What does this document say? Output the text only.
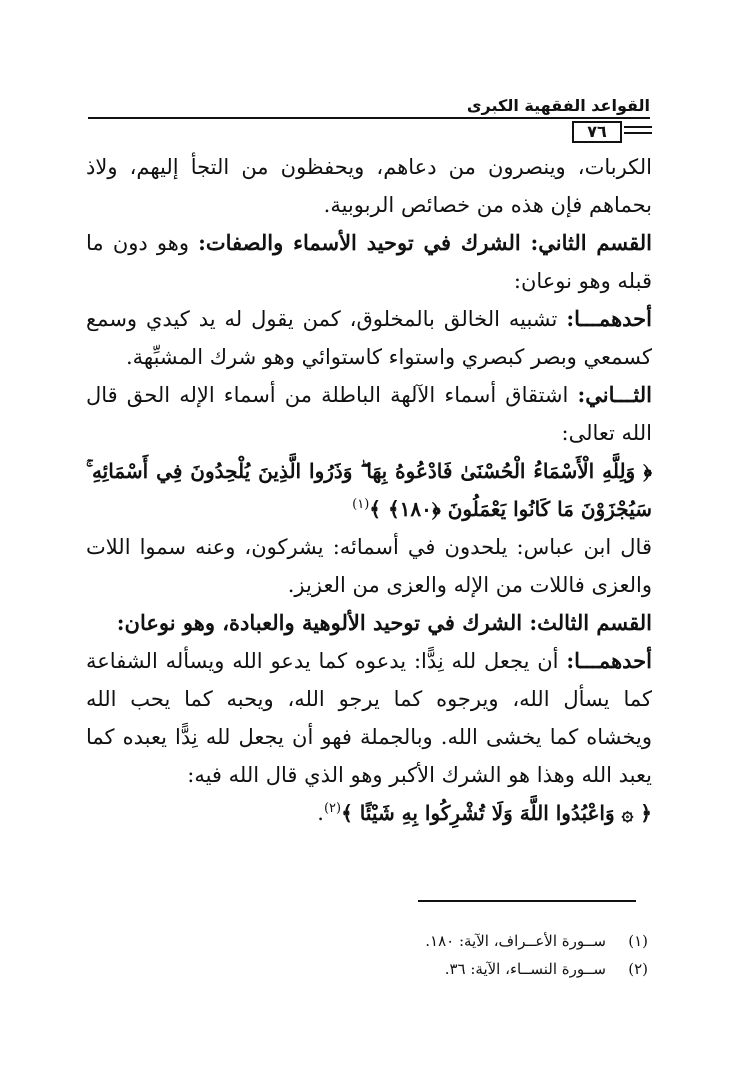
القواعد الفقهية الكبرى
٧٦

الكربات، وينصرون من دعاهم، ويحفظون من التجأ إليهم، ولاذ بحماهم فإن هذه من خصائص الربوبية.

القسم الثاني: الشرك في توحيد الأسماء والصفات: وهو دون ما قبله وهو نوعان:

أحدهمـــا: تشبيه الخالق بالمخلوق، كمن يقول له يد كيدي وسمع كسمعي وبصر كبصري واستواء كاستوائي وهو شرك المشبِّهة.

الثـــاني: اشتقاق أسماء الآلهة الباطلة من أسماء الإله الحق قال الله تعالى:

﴿ وَلِلَّهِ الْأَسْمَاءُ الْحُسْنَىٰ فَادْعُوهُ بِهَا ۖ وَذَرُوا الَّذِينَ يُلْحِدُونَ فِي أَسْمَائِهِ ۚ سَيُجْزَوْنَ مَا كَانُوا يَعْمَلُونَ ﴿١٨٠﴾ ﴾$^{(١)}$

قال ابن عباس: يلحدون في أسمائه: يشركون، وعنه سموا اللات والعزى فاللات من الإله والعزى من العزيز.

القسم الثالث: الشرك في توحيد الألوهية والعبادة، وهو نوعان:

أحدهمـــا: أن يجعل لله نِدًّا: يدعوه كما يدعو الله ويسأله الشفاعة كما يسأل الله، ويرجوه كما يرجو الله، ويحبه كما يحب الله ويخشاه كما يخشى الله. وبالجملة فهو أن يجعل لله نِدًّا يعبده كما يعبد الله وهذا هو الشرك الأكبر وهو الذي قال الله فيه:

﴿ ۞ وَاعْبُدُوا اللَّهَ وَلَا تُشْرِكُوا بِهِ شَيْئًا ﴾$^{(٢)}$.

(١)ســورة الأعــراف، الآية: ١٨٠.
(٢)ســورة النســاء، الآية: ٣٦.
